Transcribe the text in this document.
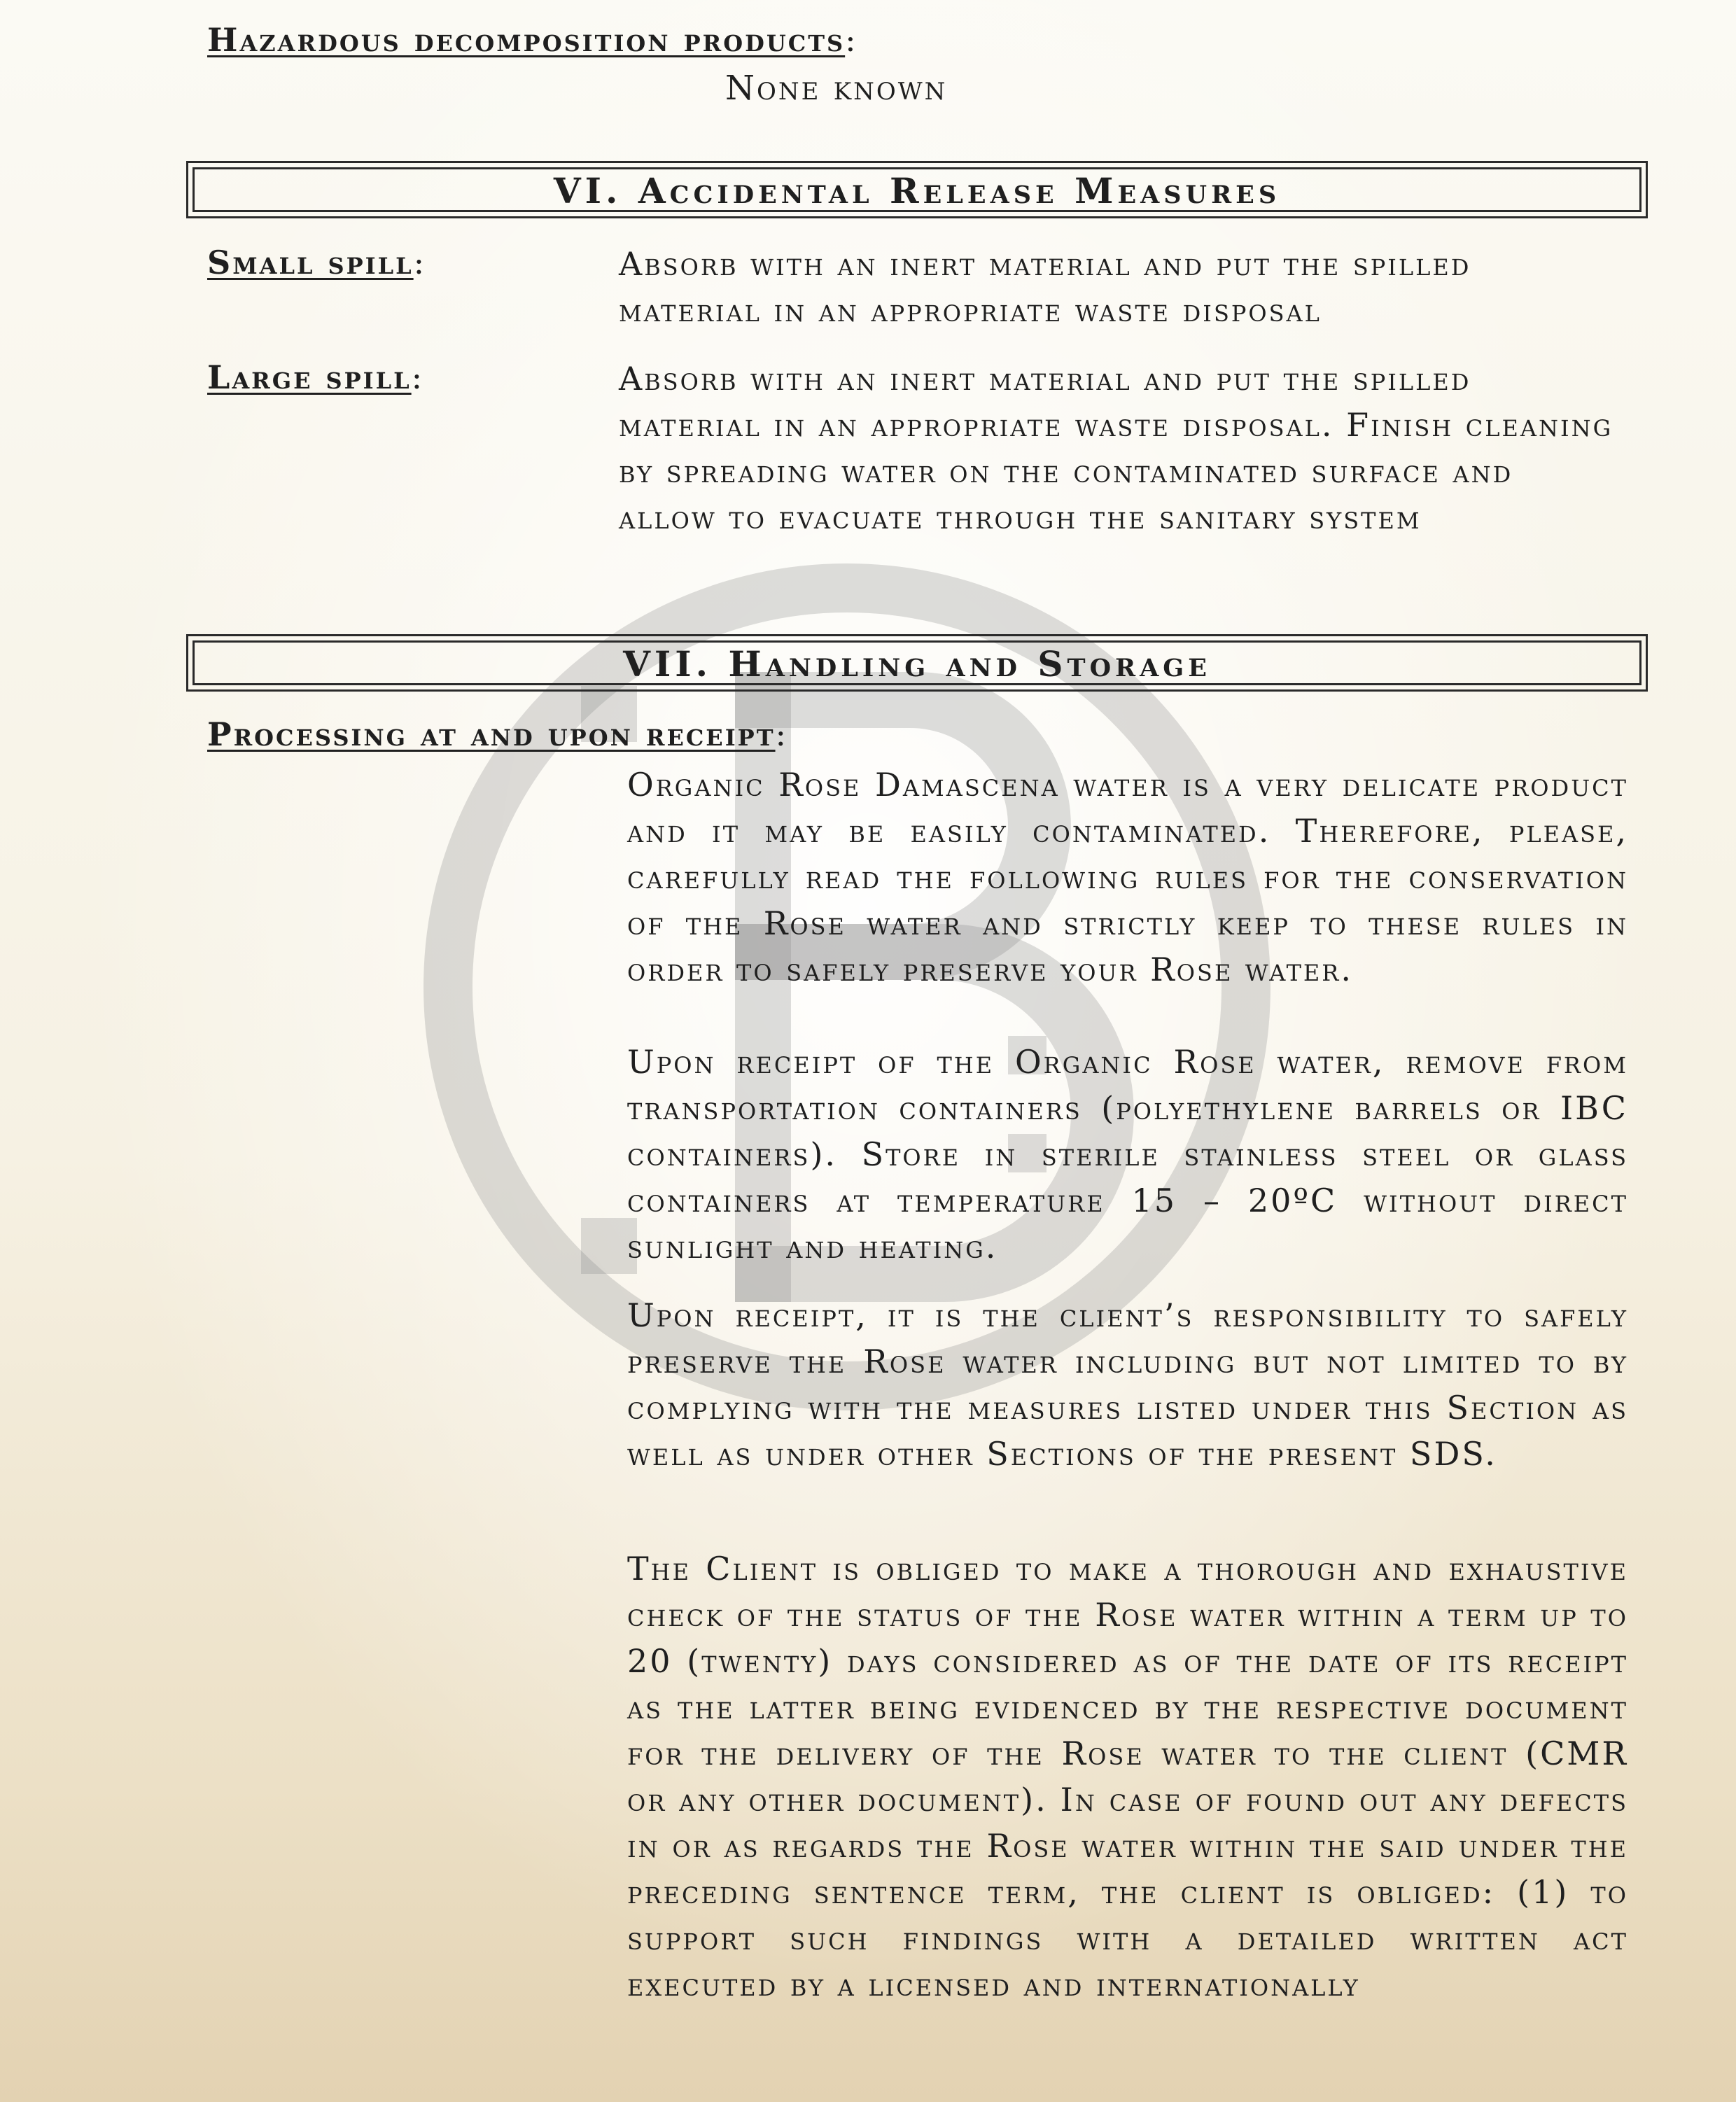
Hazardous decomposition products:
None known
VI. Accidental Release Measures
Small spill:	Absorb with an inert material and put the spilled material in an appropriate waste disposal
Large spill:	Absorb with an inert material and put the spilled material in an appropriate waste disposal. Finish cleaning by spreading water on the contaminated surface and allow to evacuate through the sanitary system
VII. Handling and Storage
Processing at and upon receipt:
Organic Rose Damascena water is a very delicate product and it may be easily contaminated. Therefore, please, carefully read the following rules for the conservation of the Rose water and strictly keep to these rules in order to safely preserve your Rose water.
Upon receipt of the Organic Rose water, remove from transportation containers (polyethylene barrels or IBC containers). Store in sterile stainless steel or glass containers at temperature 15 – 20ºC without direct sunlight and heating.
Upon receipt, it is the client’s responsibility to safely preserve the Rose water including but not limited to by complying with the measures listed under this Section as well as under other Sections of the present SDS.
The Client is obliged to make a thorough and exhaustive check of the status of the Rose water within a term up to 20 (twenty) days considered as of the date of its receipt as the latter being evidenced by the respective document for the delivery of the Rose water to the client (CMR or any other document). In case of found out any defects in or as regards the Rose water within the said under the preceding sentence term, the client is obliged: (1) to support such findings with a detailed written act executed by a licensed and internationally
